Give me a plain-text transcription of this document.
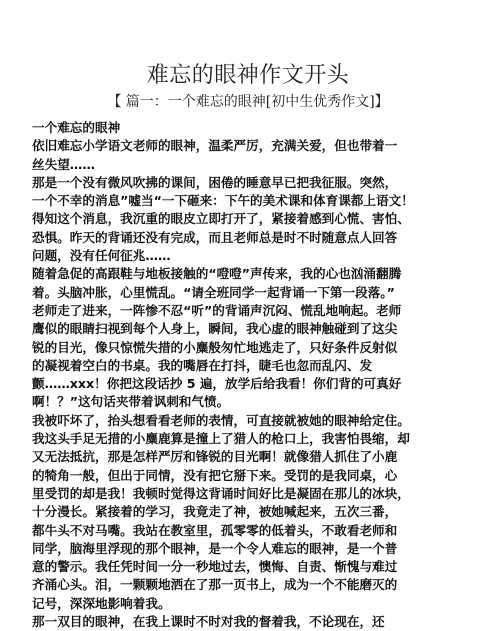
难忘的眼神作文开头
【 篇一：一个难忘的眼神[初中生优秀作文]】
一个难忘的眼神
依旧难忘小学语文老师的眼神，温柔严厉，充满关爱，但也带着一
丝失望……
那是一个没有微风吹拂的课间，困倦的睡意早已把我征服。突然，
一个不幸的消息”嘘当“一下砸来：下午的美术课和体育课都上语文！
得知这个消息，我沉重的眼皮立即打开了，紧接着感到心慌、害怕、
恐惧。昨天的背诵还没有完成，而且老师总是时不时随意点人回答
问题，没有任何征兆……
随着急促的高跟鞋与地板接触的“噔噔”声传来，我的心也汹涌翻腾
着。头脑冲胀，心里慌乱。“请全班同学一起背诵一下第一段落。”
老师走了进来，一阵惨不忍“听”的背诵声沉闷、慌乱地响起。老师
鹰似的眼睛扫视到每个人身上，瞬间，我心虚的眼神触碰到了这尖
锐的目光，像只惊慌失措的小麋般匆忙地逃走了，只好条件反射似
的凝视着空白的书桌。我的嘴唇在打抖，睫毛也忽而乱闪、发
颤……xxx！你把这段话抄 5 遍，放学后给我看！你们背的可真好
啊！？”这句话夹带着讽刺和气愤。
我被吓坏了，抬头想看看老师的表情，可直接就被她的眼神给定住。
我这头手足无措的小麋鹿算是撞上了猎人的枪口上，我害怕畏缩，却
又无法抵抗，那是怎样严厉和锋锐的目光啊！就像猎人抓住了小鹿
的犄角一般，但出于同情，没有把它掰下来。受罚的是我同桌，心
里受罚的却是我！我顿时觉得这背诵时间好比是凝固在那儿的冰块，
十分漫长。紧接着的学习，我竟走了神，被她喊起来，五次三番，
都牛头不对马嘴。我站在教室里，孤零零的低着头，不敢看老师和
同学，脑海里浮现的那个眼神，是一个令人难忘的眼神，是一个普
意的警示。我任凭时间一分一秒地过去，懊悔、自责、惭愧与难过
齐涌心头。泪，一颗颗地洒在了那一页书上，成为一个不能磨灭的
记号，深深地影响着我。
那一双目的眼神，在我上课时不时对我的督着我，不论现在，还
